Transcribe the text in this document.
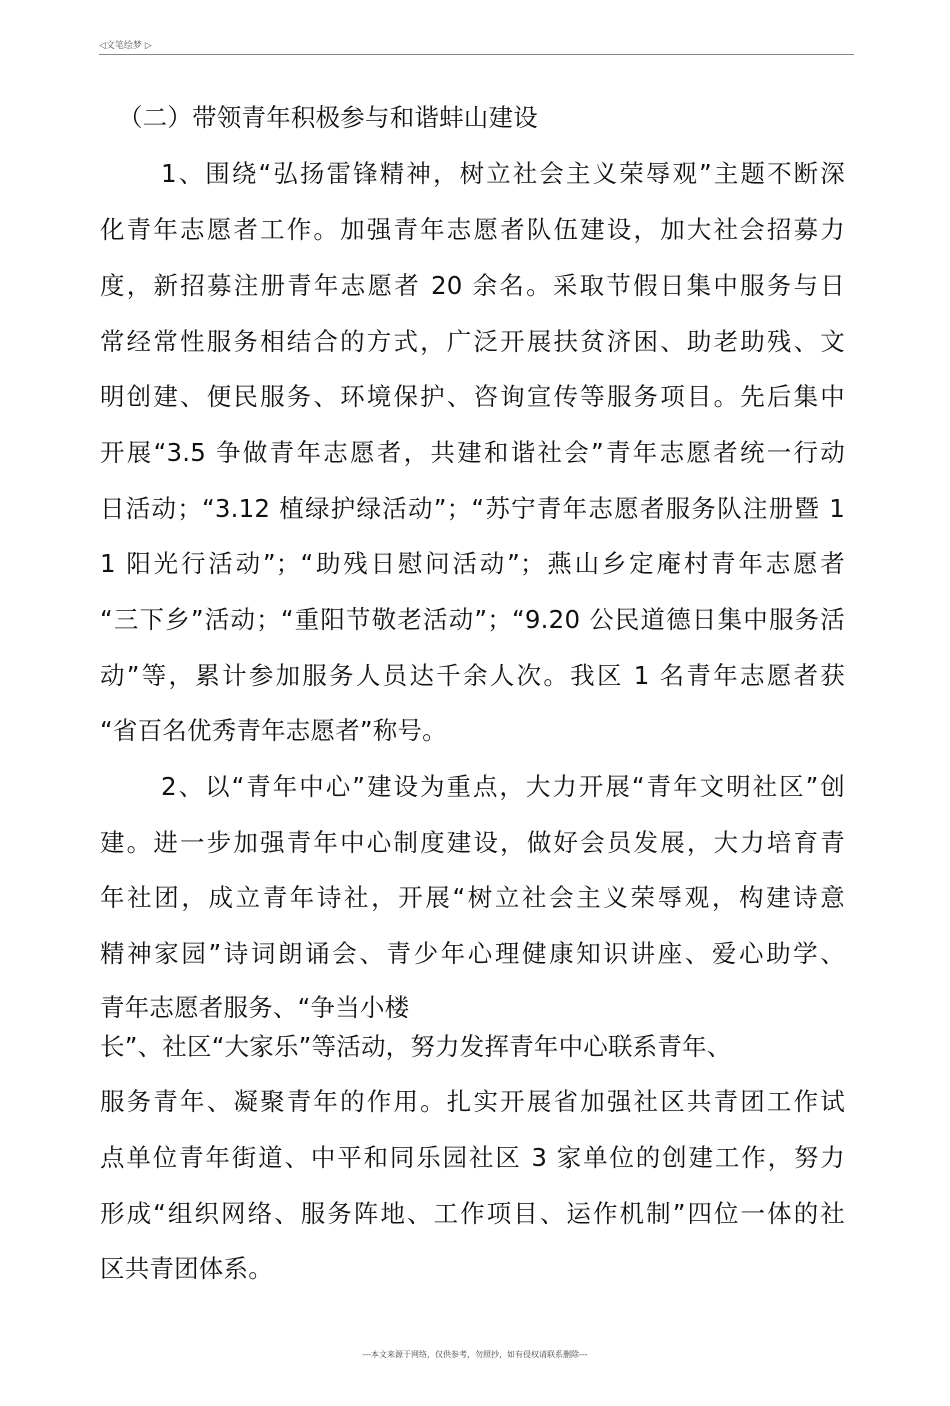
◁文笔绘梦 ▷
（二）带领青年积极参与和谐蚌山建设
1、围绕“弘扬雷锋精神，树立社会主义荣辱观”主题不断深
化青年志愿者工作。加强青年志愿者队伍建设，加大社会招募力
度，新招募注册青年志愿者 20 余名。采取节假日集中服务与日
常经常性服务相结合的方式，广泛开展扶贫济困、助老助残、文
明创建、便民服务、环境保护、咨询宣传等服务项目。先后集中
开展“3.5 争做青年志愿者，共建和谐社会”青年志愿者统一行动
日活动；“3.12 植绿护绿活动”；“苏宁青年志愿者服务队注册暨 1
1 阳光行活动”；“助残日慰问活动”；燕山乡定庵村青年志愿者
“三下乡”活动；“重阳节敬老活动”；“9.20 公民道德日集中服务活
动”等，累计参加服务人员达千余人次。我区 1 名青年志愿者获
“省百名优秀青年志愿者”称号。
2、以“青年中心”建设为重点，大力开展“青年文明社区”创
建。进一步加强青年中心制度建设，做好会员发展，大力培育青
年社团，成立青年诗社，开展“树立社会主义荣辱观，构建诗意
精神家园”诗词朗诵会、青少年心理健康知识讲座、爱心助学、
青年志愿者服务、“争当小楼
长”、社区“大家乐”等活动，努力发挥青年中心联系青年、
服务青年、凝聚青年的作用。扎实开展省加强社区共青团工作试
点单位青年街道、中平和同乐园社区 3 家单位的创建工作，努力
形成“组织网络、服务阵地、工作项目、运作机制”四位一体的社
区共青团体系。
---本文来源于网络，仅供参考，勿照抄，如有侵权请联系删除---
